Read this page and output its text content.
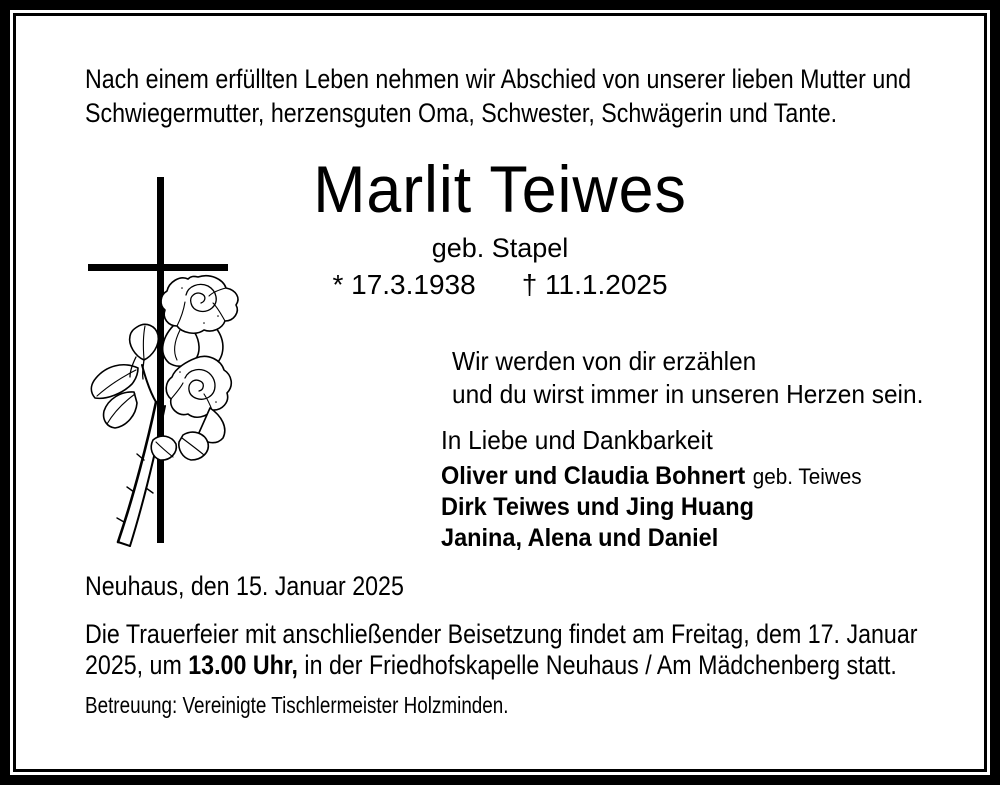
Nach einem erfüllten Leben nehmen wir Abschied von unserer lieben Mutter und
Schwiegermutter, herzensguten Oma, Schwester, Schwägerin und Tante.
Marlit Teiwes
geb. Stapel
* 17.3.1938 † 11.1.2025
Wir werden von dir erzählen
und du wirst immer in unseren Herzen sein.
In Liebe und Dankbarkeit
Oliver und Claudia Bohnert geb. Teiwes
Dirk Teiwes und Jing Huang
Janina, Alena und Daniel
Neuhaus, den 15. Januar 2025
Die Trauerfeier mit anschließender Beisetzung findet am Freitag, dem 17. Januar
2025, um 13.00 Uhr, in der Friedhofskapelle Neuhaus / Am Mädchenberg statt.
Betreuung: Vereinigte Tischlermeister Holzminden.
